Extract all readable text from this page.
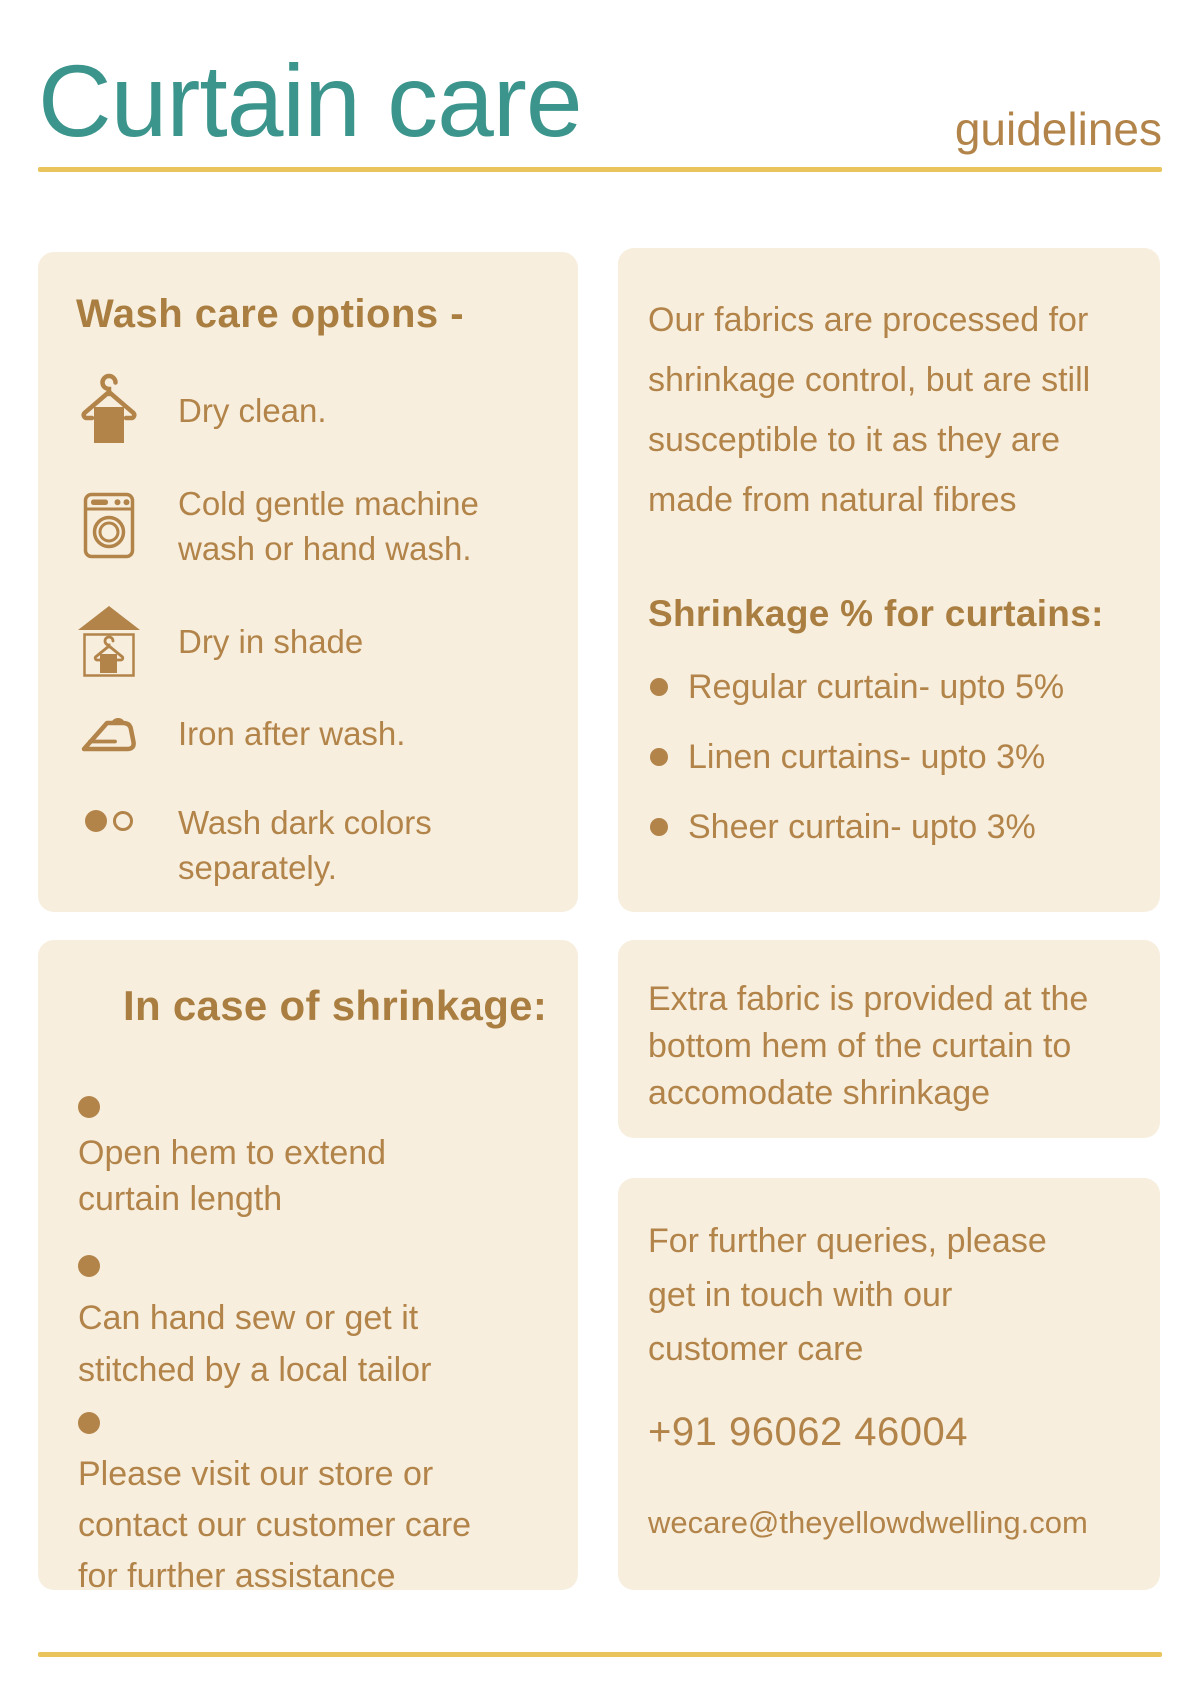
Curtain care	guidelines
Wash care options -
Dry clean.
Cold gentle machine
wash or hand wash.
Dry in shade
Iron after wash.
Wash dark colors
separately.
Our fabrics are processed for
shrinkage control, but are still
susceptible to it as they are
made from natural fibres
Shrinkage % for curtains:
Regular curtain- upto 5%
Linen curtains- upto 3%
Sheer curtain- upto 3%
In case of shrinkage:
Open hem to extend
curtain length
Can hand sew or get it
stitched by a local tailor
Please visit our store or
contact our customer care
for further assistance
Extra fabric is provided at the
bottom hem of the curtain to
accomodate shrinkage
For further queries, please
get in touch with our
customer care
+91 96062 46004
wecare@theyellowdwelling.com
